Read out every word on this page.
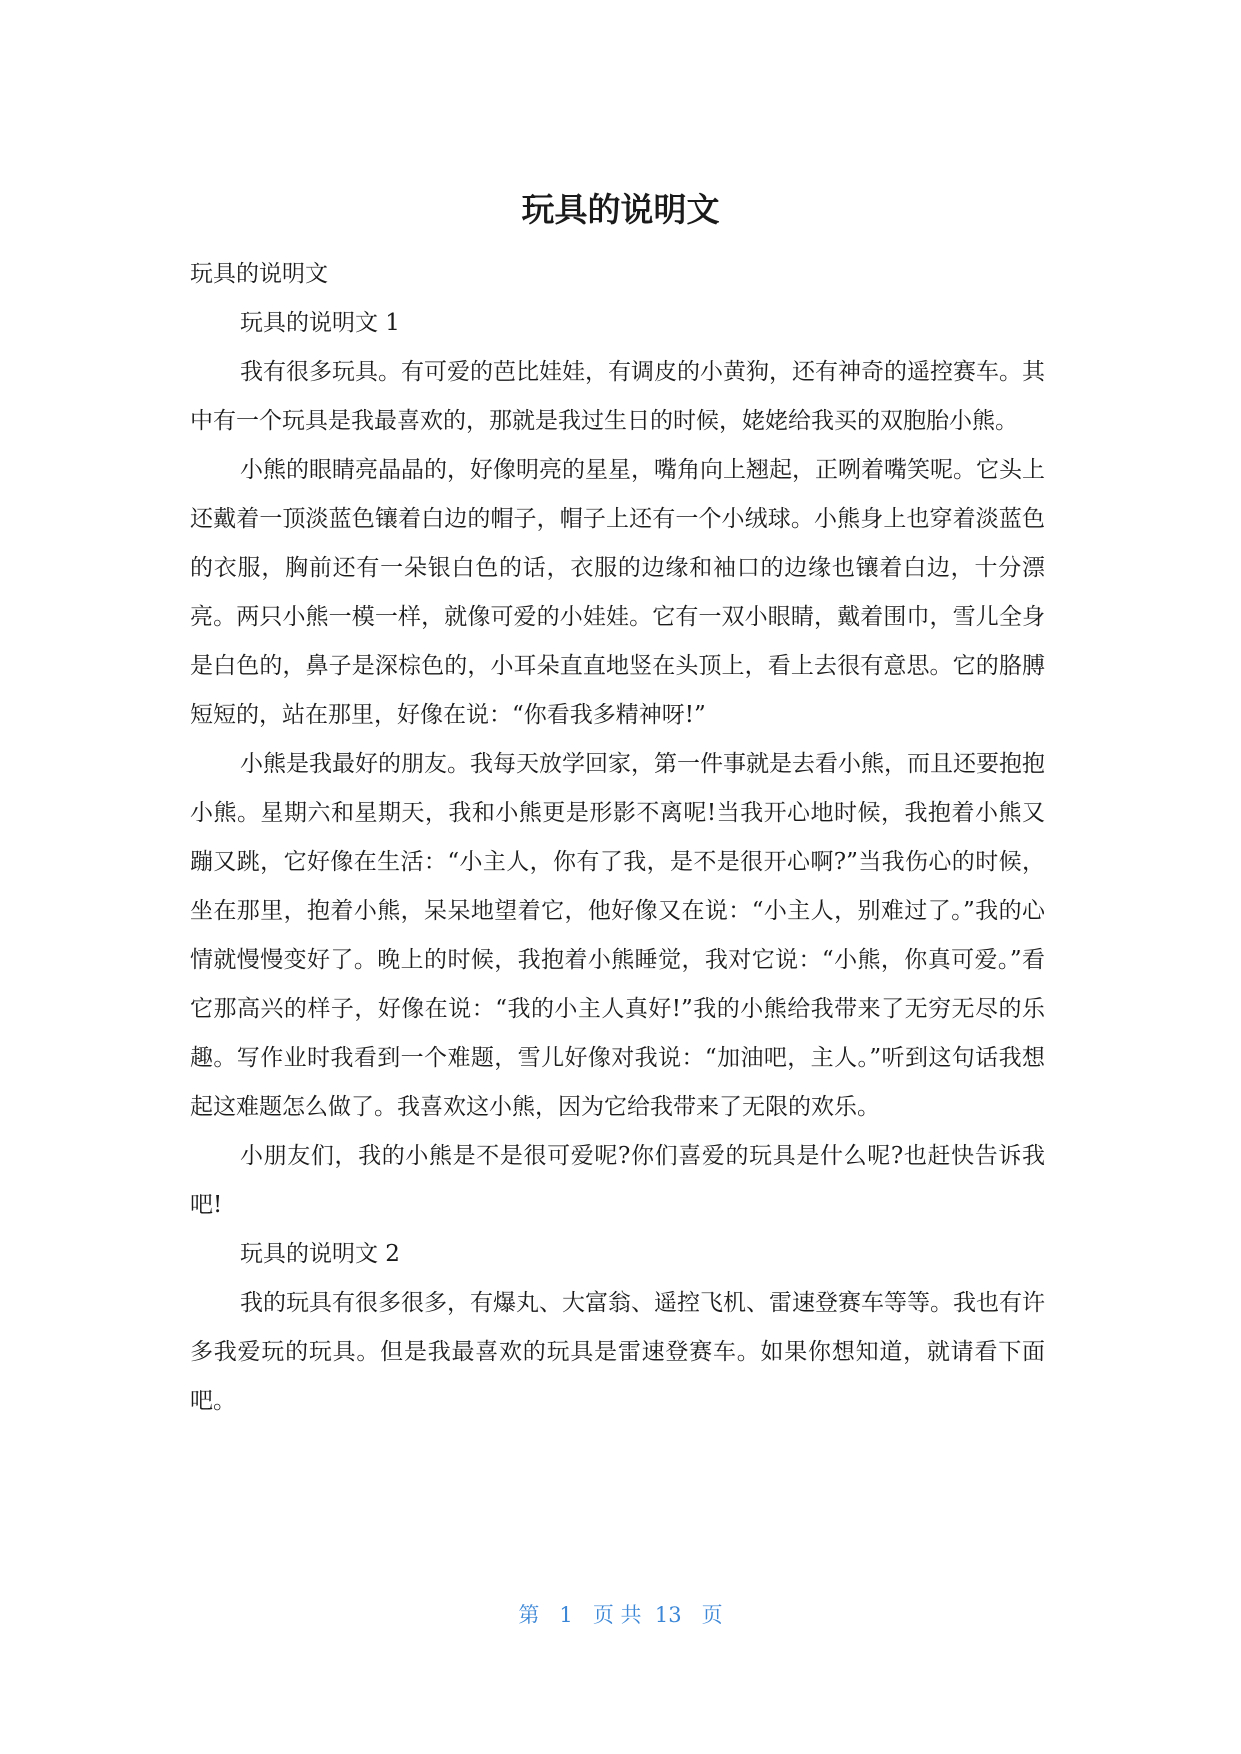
玩具的说明文

玩具的说明文

玩具的说明文 1

我有很多玩具。有可爱的芭比娃娃，有调皮的小黄狗，还有神奇的遥控赛车。其中有一个玩具是我最喜欢的，那就是我过生日的时候，姥姥给我买的双胞胎小熊。

小熊的眼睛亮晶晶的，好像明亮的星星，嘴角向上翘起，正咧着嘴笑呢。它头上还戴着一顶淡蓝色镶着白边的帽子，帽子上还有一个小绒球。小熊身上也穿着淡蓝色的衣服，胸前还有一朵银白色的话，衣服的边缘和袖口的边缘也镶着白边，十分漂亮。两只小熊一模一样，就像可爱的小娃娃。它有一双小眼睛，戴着围巾，雪儿全身是白色的，鼻子是深棕色的，小耳朵直直地竖在头顶上，看上去很有意思。它的胳膊短短的，站在那里，好像在说：“你看我多精神呀!”

小熊是我最好的朋友。我每天放学回家，第一件事就是去看小熊，而且还要抱抱小熊。星期六和星期天，我和小熊更是形影不离呢!当我开心地时候，我抱着小熊又蹦又跳，它好像在生活：“小主人，你有了我，是不是很开心啊?”当我伤心的时候，坐在那里，抱着小熊，呆呆地望着它，他好像又在说：“小主人，别难过了。”我的心情就慢慢变好了。晚上的时候，我抱着小熊睡觉，我对它说：“小熊，你真可爱。”看它那高兴的样子，好像在说：“我的小主人真好!”我的小熊给我带来了无穷无尽的乐趣。写作业时我看到一个难题，雪儿好像对我说：“加油吧，主人。”听到这句话我想起这难题怎么做了。我喜欢这小熊，因为它给我带来了无限的欢乐。

小朋友们，我的小熊是不是很可爱呢?你们喜爱的玩具是什么呢?也赶快告诉我吧!

玩具的说明文 2

我的玩具有很多很多，有爆丸、大富翁、遥控飞机、雷速登赛车等等。我也有许多我爱玩的玩具。但是我最喜欢的玩具是雷速登赛车。如果你想知道，就请看下面吧。

第 1 页 共 13 页
